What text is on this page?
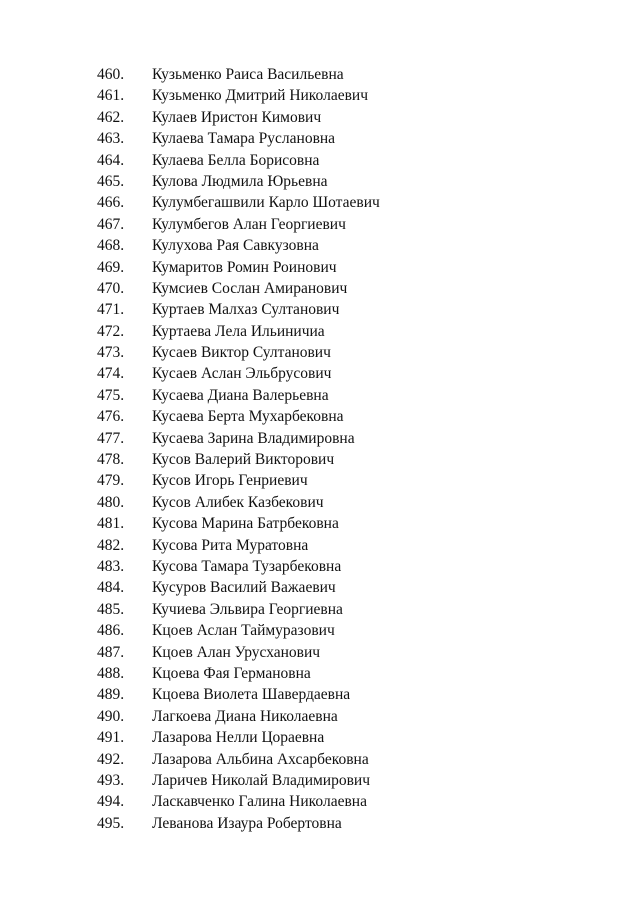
460.	Кузьменко Раиса Васильевна
461.	Кузьменко Дмитрий Николаевич
462.	Кулаев Иристон Кимович
463.	Кулаева Тамара Руслановна
464.	Кулаева Белла Борисовна
465.	Кулова Людмила Юрьевна
466.	Кулумбегашвили Карло Шотаевич
467.	Кулумбегов Алан Георгиевич
468.	Кулухова Рая Савкузовна
469.	Кумаритов Ромин Роинович
470.	Кумсиев Сослан Амиранович
471.	Куртаев Малхаз Султанович
472.	Куртаева Лела Ильиничиа
473.	Кусаев Виктор Султанович
474.	Кусаев Аслан Эльбрусович
475.	Кусаева Диана Валерьевна
476.	Кусаева Берта Мухарбековна
477.	Кусаева Зарина Владимировна
478.	Кусов Валерий Викторович
479.	Кусов Игорь Генриевич
480.	Кусов Алибек Казбекович
481.	Кусова Марина Батрбековна
482.	Кусова Рита Муратовна
483.	Кусова Тамара Тузарбековна
484.	Кусуров Василий Важаевич
485.	Кучиева Эльвира Георгиевна
486.	Кцоев Аслан Таймуразович
487.	Кцоев Алан Урусханович
488.	Кцоева Фая Германовна
489.	Кцоева Виолета Шавердаевна
490.	Лагкоева Диана Николаевна
491.	Лазарова Нелли Цораевна
492.	Лазарова Альбина Ахсарбековна
493.	Ларичев Николай Владимирович
494.	Ласкавченко Галина Николаевна
495.	Леванова Изаура Робертовна
